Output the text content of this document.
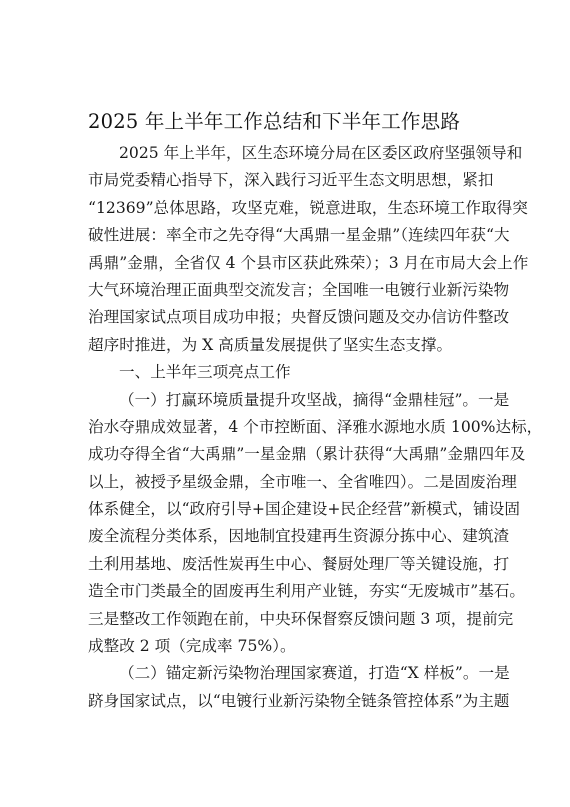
2025 年上半年工作总结和下半年工作思路
2025 年上半年，区生态环境分局在区委区政府坚强领导和
市局党委精心指导下，深入践行习近平生态文明思想，紧扣
“12369”总体思路，攻坚克难，锐意进取，生态环境工作取得突
破性进展：率全市之先夺得“大禹鼎一星金鼎”（连续四年获“大
禹鼎”金鼎，全省仅 4 个县市区获此殊荣）；3 月在市局大会上作
大气环境治理正面典型交流发言；全国唯一电镀行业新污染物
治理国家试点项目成功申报；央督反馈问题及交办信访件整改
超序时推进，为 X 高质量发展提供了坚实生态支撑。
一、上半年三项亮点工作
（一）打赢环境质量提升攻坚战，摘得“金鼎桂冠”。一是
治水夺鼎成效显著，4 个市控断面、泽雅水源地水质 100%达标，
成功夺得全省“大禹鼎”一星金鼎（累计获得“大禹鼎”金鼎四年及
以上，被授予星级金鼎，全市唯一、全省唯四）。二是固废治理
体系健全，以“政府引导+国企建设+民企经营”新模式，铺设固
废全流程分类体系，因地制宜投建再生资源分拣中心、建筑渣
土利用基地、废活性炭再生中心、餐厨处理厂等关键设施，打
造全市门类最全的固废再生利用产业链，夯实“无废城市”基石。
三是整改工作领跑在前，中央环保督察反馈问题 3 项，提前完
成整改 2 项（完成率 75%）。
（二）锚定新污染物治理国家赛道，打造“X 样板”。一是
跻身国家试点，以“电镀行业新污染物全链条管控体系”为主题
